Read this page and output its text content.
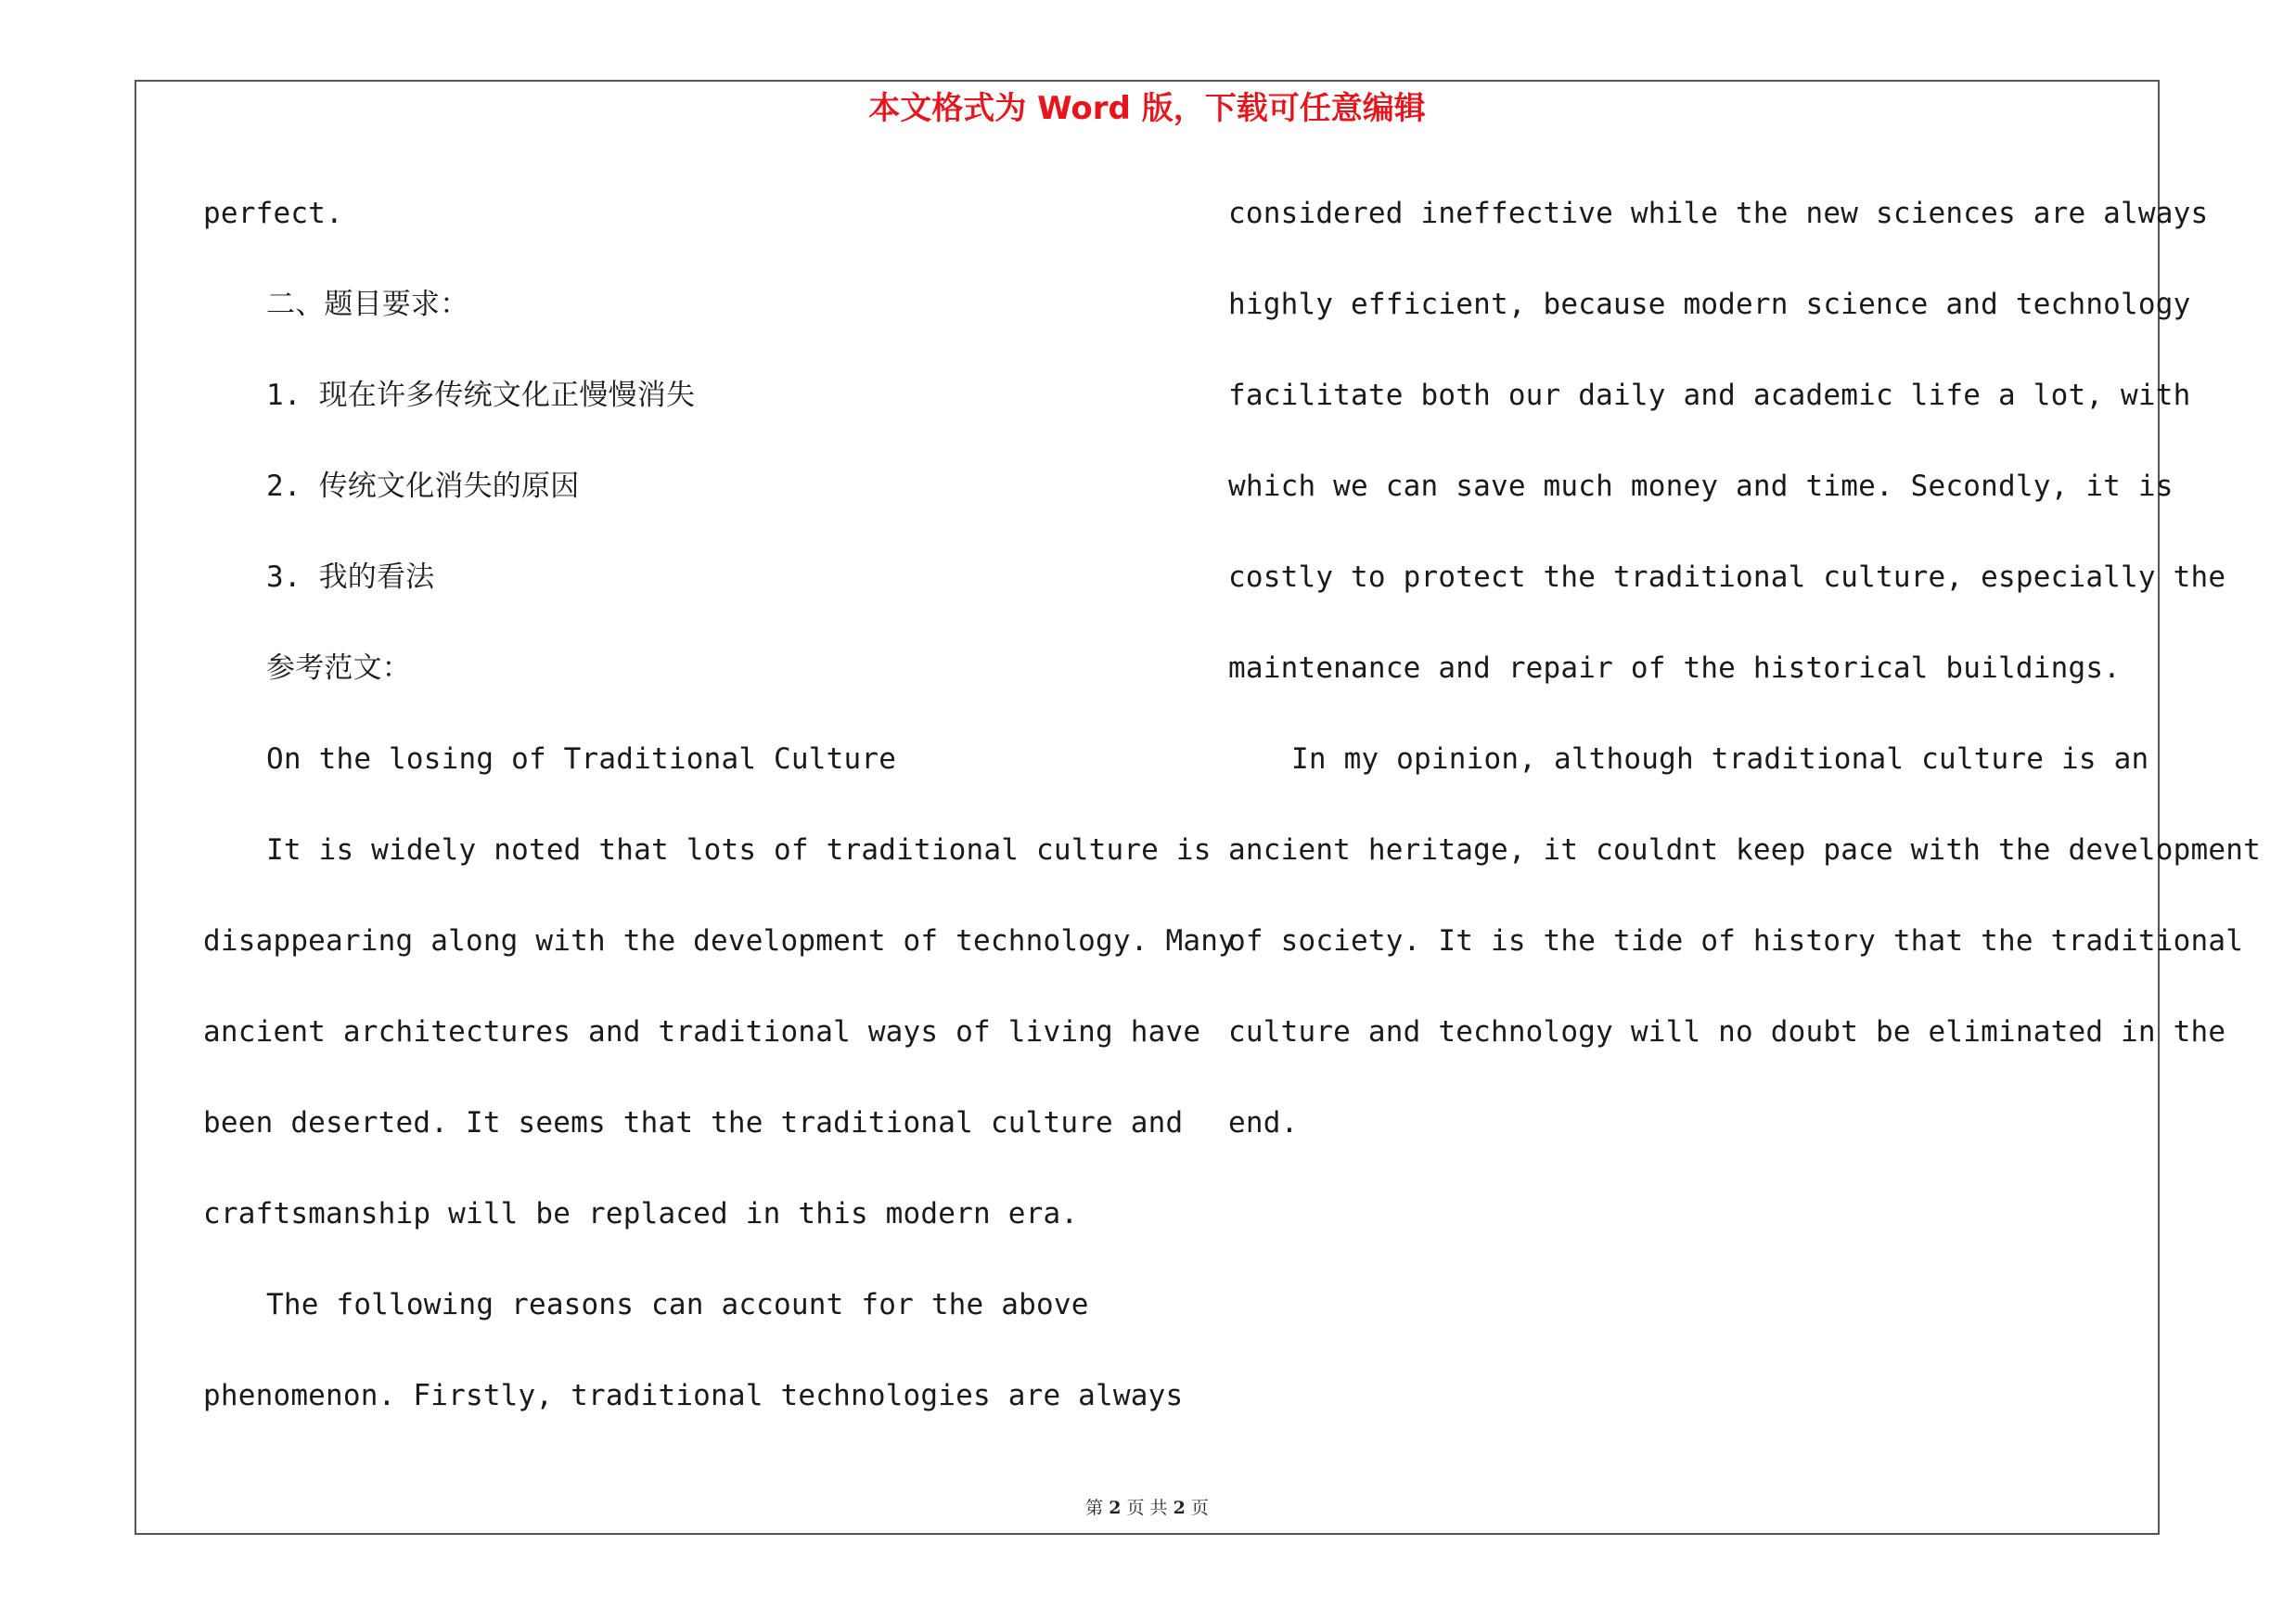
本文格式为 Word 版，下载可任意编辑
perfect.
二、题目要求：
1. 现在许多传统文化正慢慢消失
2. 传统文化消失的原因
3. 我的看法
参考范文：
On the losing of Traditional Culture
It is widely noted that lots of traditional culture is
disappearing along with the development of technology. Many
ancient architectures and traditional ways of living have
been deserted. It seems that the traditional culture and
craftsmanship will be replaced in this modern era.
The following reasons can account for the above
phenomenon. Firstly, traditional technologies are always
considered ineffective while the new sciences are always
highly efficient, because modern science and technology
facilitate both our daily and academic life a lot, with
which we can save much money and time. Secondly, it is
costly to protect the traditional culture, especially the
maintenance and repair of the historical buildings.
In my opinion, although traditional culture is an
ancient heritage, it couldnt keep pace with the development
of society. It is the tide of history that the traditional
culture and technology will no doubt be eliminated in the
end.
第 2 页 共 2 页
